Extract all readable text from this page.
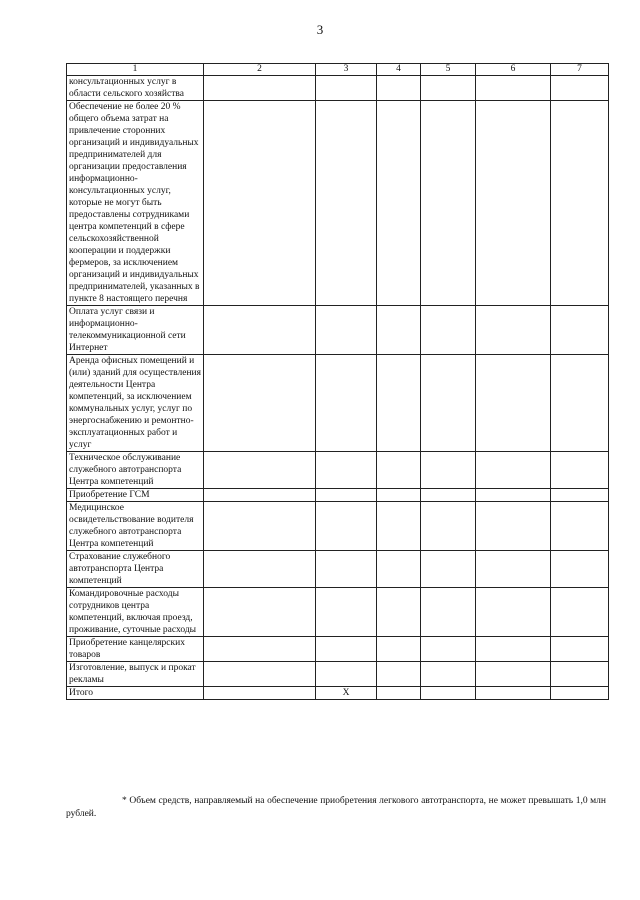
3
1	2	3	4	5	6	7
консультационных услуг в области сельского хозяйства						
Обеспечение не более 20 % общего объема затрат на привлечение сторонних организаций и индивидуальных предпринимателей для организации предоставления информационно-консультационных услуг, которые не могут быть предоставлены сотрудниками центра компетенций в сфере сельскохозяйственной кооперации и поддержки фермеров, за исключением организаций и индивидуальных предпринимателей, указанных в пункте 8 настоящего перечня						
Оплата услуг связи и информационно-телекоммуникационной сети Интернет						
Аренда офисных помещений и (или) зданий для осуществления деятельности Центра компетенций, за исключением коммунальных услуг, услуг по энергоснабжению и ремонтно-эксплуатационных работ и услуг						
Техническое обслуживание служебного автотранспорта Центра компетенций						
Приобретение ГСМ						
Медицинское освидетельствование водителя служебного автотранспорта Центра компетенций						
Страхование служебного автотранспорта Центра компетенций						
Командировочные расходы сотрудников центра компетенций, включая проезд, проживание, суточные расходы						
Приобретение канцелярских товаров						
Изготовление, выпуск и прокат рекламы						
Итого		Х				
* Объем средств, направляемый на обеспечение приобретения легкового автотранспорта, не может превышать 1,0 млн рублей.
